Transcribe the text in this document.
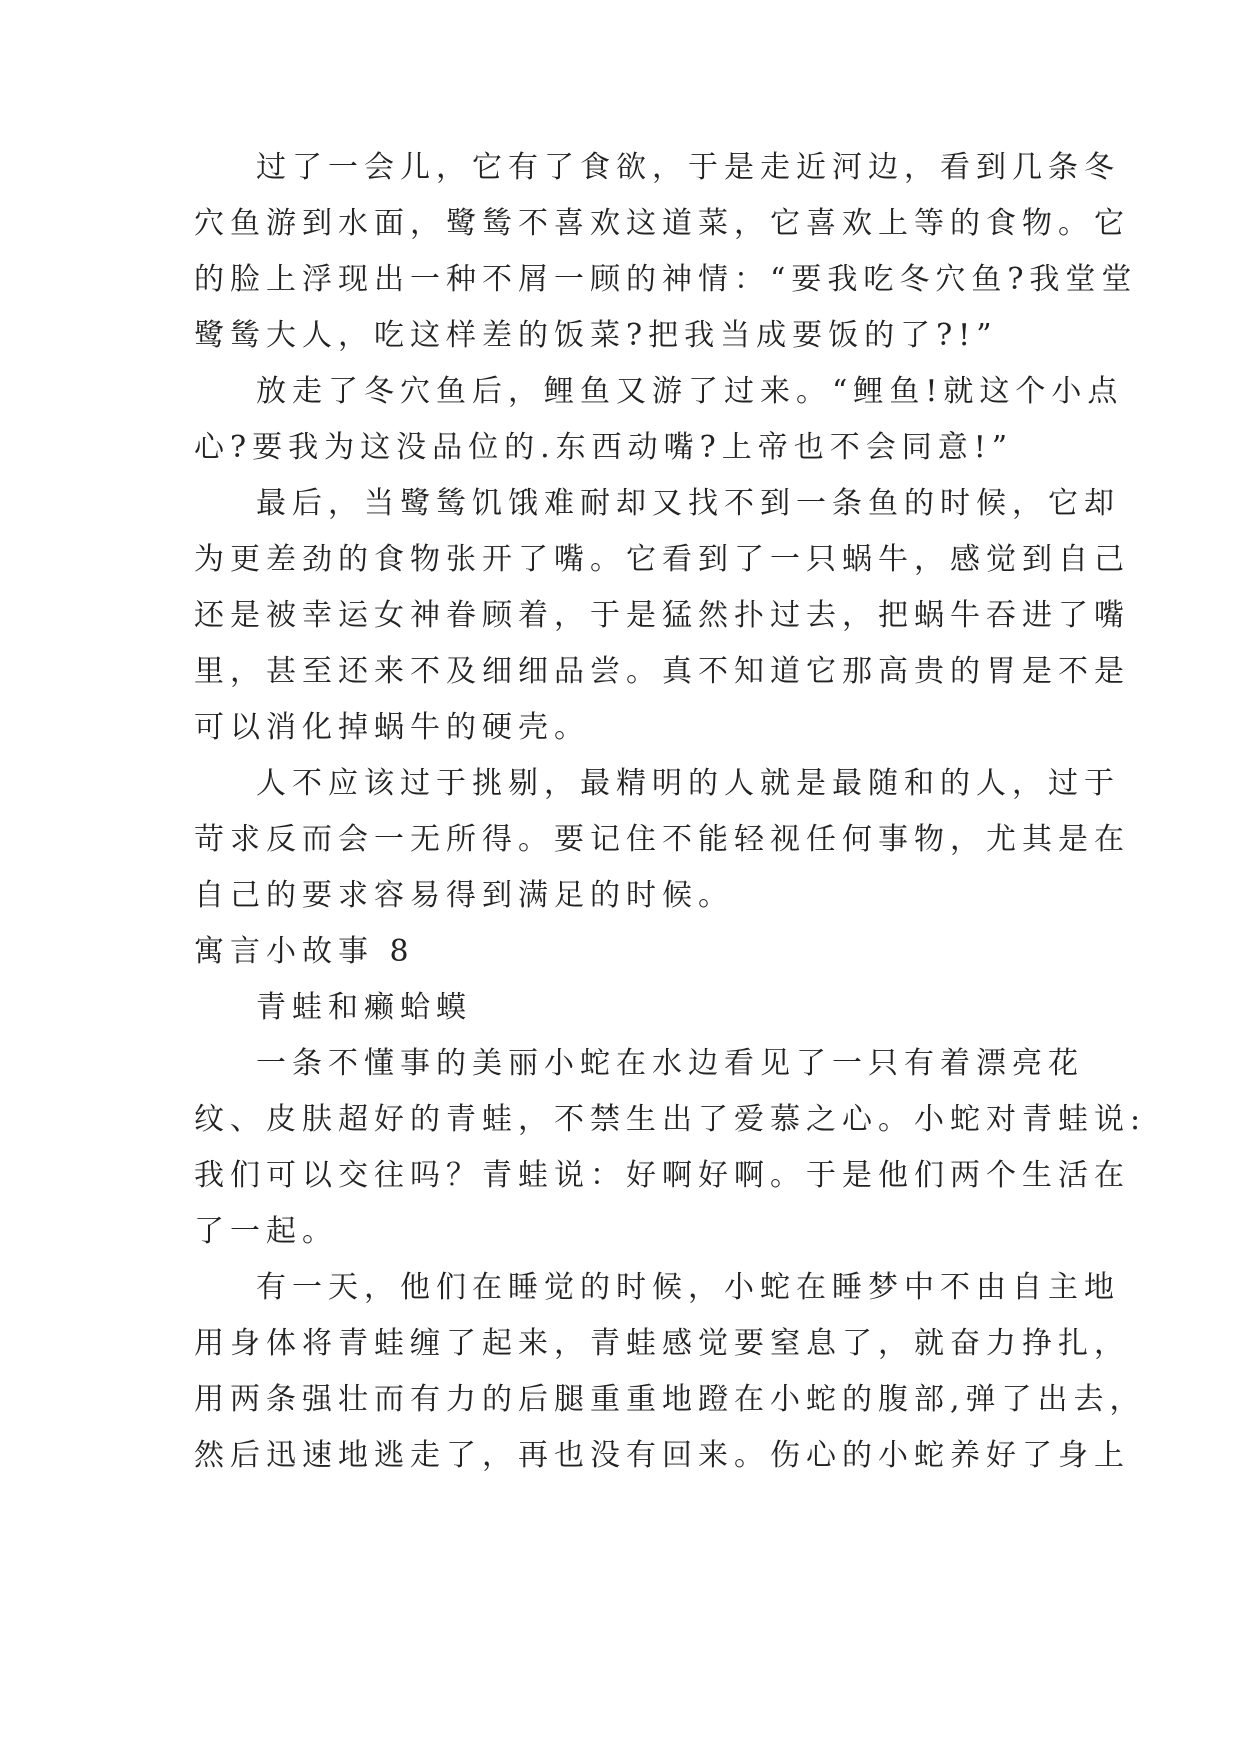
过了一会儿，它有了食欲，于是走近河边，看到几条冬
穴鱼游到水面，鹭鸶不喜欢这道菜，它喜欢上等的食物。它
的脸上浮现出一种不屑一顾的神情：“要我吃冬穴鱼?我堂堂
鹭鸶大人，吃这样差的饭菜?把我当成要饭的了?!”
放走了冬穴鱼后，鲤鱼又游了过来。“鲤鱼!就这个小点
心?要我为这没品位的.东西动嘴?上帝也不会同意!”
最后，当鹭鸶饥饿难耐却又找不到一条鱼的时候，它却
为更差劲的食物张开了嘴。它看到了一只蜗牛，感觉到自己
还是被幸运女神眷顾着，于是猛然扑过去，把蜗牛吞进了嘴
里，甚至还来不及细细品尝。真不知道它那高贵的胃是不是
可以消化掉蜗牛的硬壳。
人不应该过于挑剔，最精明的人就是最随和的人，过于
苛求反而会一无所得。要记住不能轻视任何事物，尤其是在
自己的要求容易得到满足的时候。
寓言小故事 8
青蛙和癞蛤蟆
一条不懂事的美丽小蛇在水边看见了一只有着漂亮花
纹、皮肤超好的青蛙，不禁生出了爱慕之心。小蛇对青蛙说:
我们可以交往吗？青蛙说：好啊好啊。于是他们两个生活在
了一起。
有一天，他们在睡觉的时候，小蛇在睡梦中不由自主地
用身体将青蛙缠了起来，青蛙感觉要窒息了，就奋力挣扎，
用两条强壮而有力的后腿重重地蹬在小蛇的腹部,弹了出去，
然后迅速地逃走了，再也没有回来。伤心的小蛇养好了身上
